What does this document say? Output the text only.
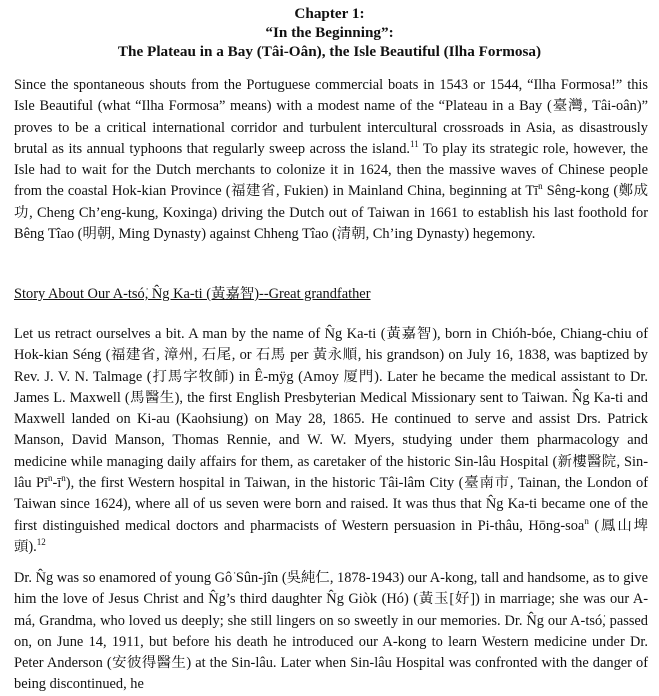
Chapter 1:
“In the Beginning”:
The Plateau in a Bay (Tâi-Oân), the Isle Beautiful (Ilha Formosa)

Since the spontaneous shouts from the Portuguese commercial boats in 1543 or 1544, “Ilha Formosa!” this Isle Beautiful (what “Ilha Formosa” means) with a modest name of the “Plateau in a Bay (臺灣, Tâi-oân)” proves to be a critical international corridor and turbulent intercultural crossroads in Asia, as disastrously brutal as its annual typhoons that regularly sweep across the island.$^{11}$ To play its strategic role, however, the Isle had to wait for the Dutch merchants to colonize it in 1624, then the massive waves of Chinese people from the coastal Hok-kian Province (福建省, Fukien) in Mainland China, beginning at $Tī^n$ Sêng-kong (鄭成功, Cheng Ch’eng-kung, Koxinga) driving the Dutch out of Taiwan in 1661 to establish his last foothold for Bêng Tîao (明朝, Ming Dynasty) against Chheng Tîao (清朝, Ch’ing Dynasty) hegemony.

Story About Our A-tsó͘, N̂g Ka-ti (黃嘉智)--Great grandfather

Let us retract ourselves a bit. A man by the name of N̂g Ka-ti (黃嘉智), born in Chióh-bóe, Chiang-chiu of Hok-kian Séng (福建省, 漳州, 石尾, or 石馬 per 黃永順, his grandson) on July 16, 1838, was baptized by Rev. J. V. N. Talmage (打馬字牧師) in Ê-mÿg (Amoy 厦門). Later he became the medical assistant to Dr. James L. Maxwell (馬醫生), the first English Presbyterian Medical Missionary sent to Taiwan. N̂g Ka-ti and Maxwell landed on Ki-au (Kaohsiung) on May 28, 1865. He continued to serve and assist Drs. Patrick Manson, David Manson, Thomas Rennie, and W. W. Myers, studying under them pharmacology and medicine while managing daily affairs for them, as caretaker of the historic Sin-lâu Hospital (新樓醫院, Sin-lâu $Pī^n-ī^n$), the first Western hospital in Taiwan, in the historic Tâi-lâm City (臺南市, Tainan, the London of Taiwan since 1624), where all of us seven were born and raised. It was thus that N̂g Ka-ti became one of the first distinguished medical doctors and pharmacists of Western persuasion in Pi-thâu, Hōng-soa$^n$ (鳳山埤頭).$^{12}$

Dr. N̂g was so enamored of young Gô͘ Sûn-jîn (吳純仁, 1878-1943) our A-kong, tall and handsome, as to give him the love of Jesus Christ and N̂g’s third daughter N̂g Giòk (Hó) (黃玉[好]) in marriage; she was our A-má, Grandma, who loved us deeply; she still lingers on so sweetly in our memories. Dr. N̂g our A-tsó͘, passed on, on June 14, 1911, but before his death he introduced our A-kong to learn Western medicine under Dr. Peter Anderson (安彼得醫生) at the Sin-lâu. Later when Sin-lâu Hospital was confronted with the danger of being discontinued, he
